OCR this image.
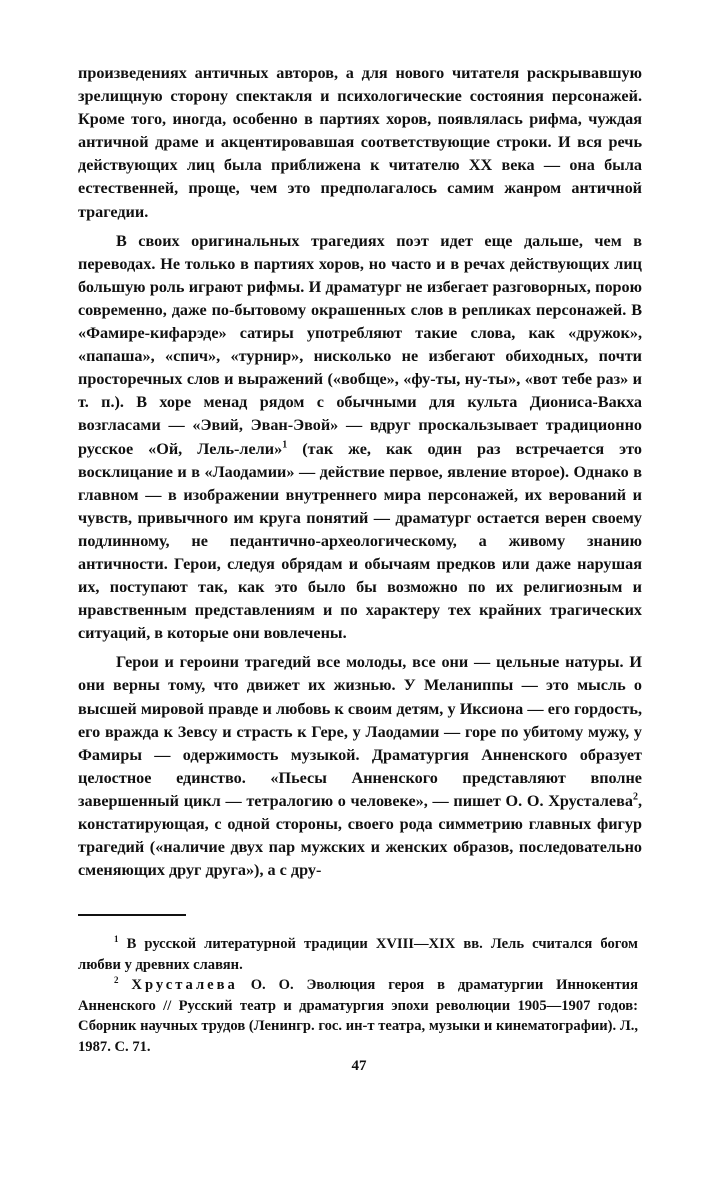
произведениях античных авторов, а для нового читателя раскрывавшую зрелищную сторону спектакля и психологические состояния персонажей. Кроме того, иногда, особенно в партиях хоров, появлялась рифма, чуждая античной драме и акцентировавшая соответствующие строки. И вся речь действующих лиц была приближена к читателю XX века — она была естественней, проще, чем это предполагалось самим жанром античной трагедии.

В своих оригинальных трагедиях поэт идет еще дальше, чем в переводах. Не только в партиях хоров, но часто и в речах действующих лиц большую роль играют рифмы. И драматург не избегает разговорных, порою современно, даже по-бытовому окрашенных слов в репликах персонажей. В «Фамире-кифарэде» сатиры употребляют такие слова, как «дружок», «папаша», «спич», «турнир», нисколько не избегают обиходных, почти просторечных слов и выражений («вобще», «фу-ты, ну-ты», «вот тебе раз» и т. п.). В хоре менад рядом с обычными для культа Диониса-Вакха возгласами — «Эвий, Эван-Эвой» — вдруг проскальзывает традиционно русское «Ой, Лель-лели»$^1$ (так же, как один раз встречается это восклицание и в «Лаодамии» — действие первое, явление второе). Однако в главном — в изображении внутреннего мира персонажей, их верований и чувств, привычного им круга понятий — драматург остается верен своему подлинному, не педантично-археологическому, а живому знанию античности. Герои, следуя обрядам и обычаям предков или даже нарушая их, поступают так, как это было бы возможно по их религиозным и нравственным представлениям и по характеру тех крайних трагических ситуаций, в которые они вовлечены.

Герои и героини трагедий все молоды, все они — цельные натуры. И они верны тому, что движет их жизнью. У Меланиппы — это мысль о высшей мировой правде и любовь к своим детям, у Иксиона — его гордость, его вражда к Зевсу и страсть к Гере, у Лаодамии — горе по убитому мужу, у Фамиры — одержимость музыкой. Драматургия Анненского образует целостное единство. «Пьесы Анненского представляют вполне завершенный цикл — тетралогию о человеке», — пишет О. О. Хрусталева$^2$, констатирующая, с одной стороны, своего рода симметрию главных фигур трагедий («наличие двух пар мужских и женских образов, последовательно сменяющих друг друга»), а с дру-

$^1$ В русской литературной традиции XVIII—XIX вв. Лель считался богом любви у древних славян.

$^2$ Хрусталева О. О. Эволюция героя в драматургии Иннокентия Анненского // Русский театр и драматургия эпохи революции 1905—1907 годов: Сборник научных трудов (Ленингр. гос. ин-т театра, музыки и кинематографии). Л., 1987. С. 71.

47
